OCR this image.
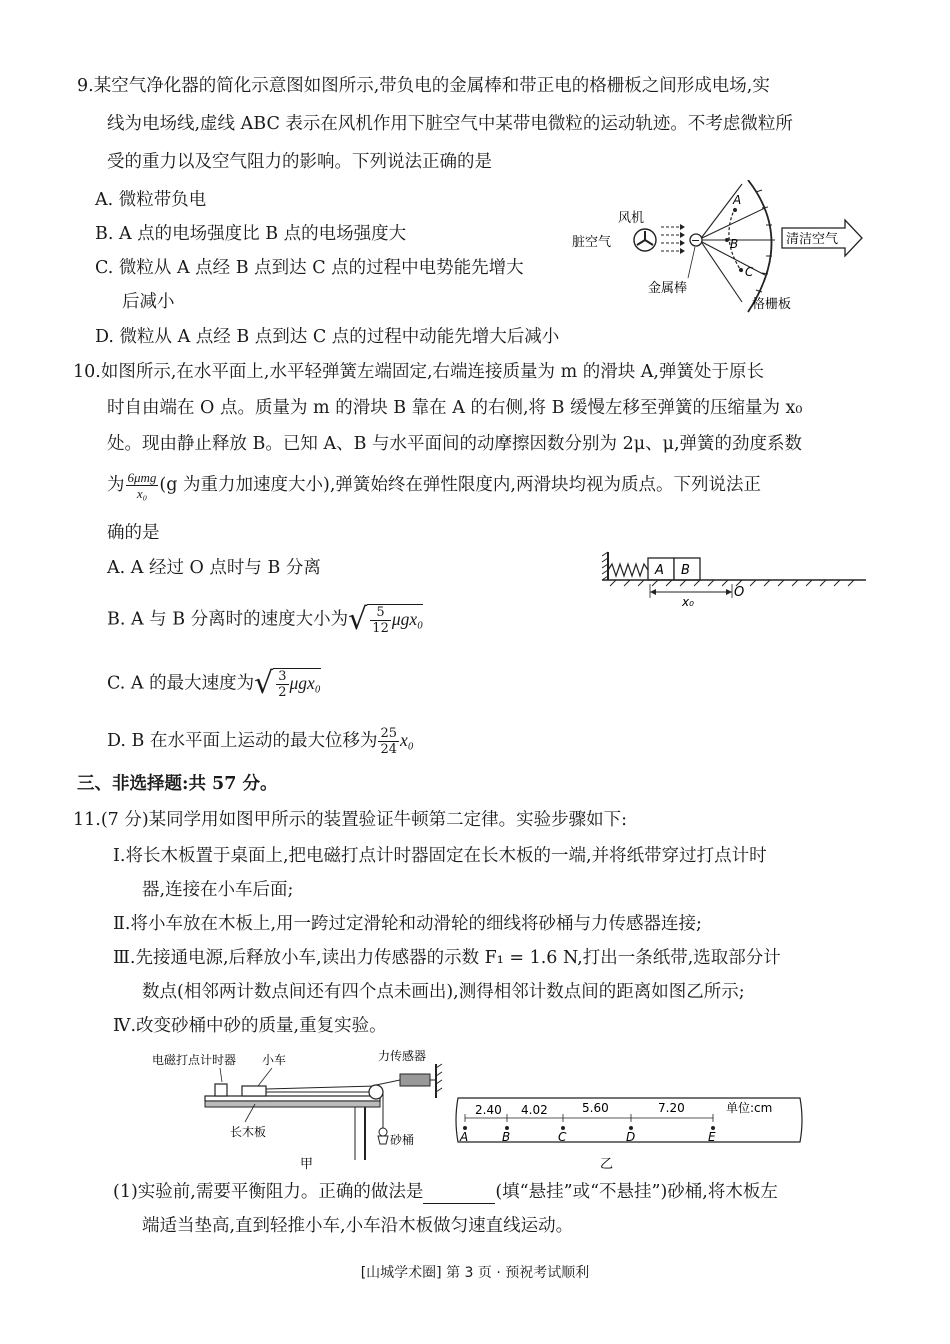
9.某空气净化器的简化示意图如图所示,带负电的金属棒和带正电的格栅板之间形成电场,实
线为电场线,虚线 ABC 表示在风机作用下脏空气中某带电微粒的运动轨迹。不考虑微粒所
受的重力以及空气阻力的影响。下列说法正确的是
A. 微粒带负电
B. A 点的电场强度比 B 点的电场强度大
C. 微粒从 A 点经 B 点到达 C 点的过程中电势能先增大
后减小
D. 微粒从 A 点经 B 点到达 C 点的过程中动能先增大后减小
风机
脏空气	−
金属棒
格栅板
A
B
C
清洁空气
10.如图所示,在水平面上,水平轻弹簧左端固定,右端连接质量为 m 的滑块 A,弹簧处于原长
时自由端在 O 点。质量为 m 的滑块 B 靠在 A 的右侧,将 B 缓慢左移至弹簧的压缩量为 x₀
处。现由静止释放 B。已知 A、B 与水平面间的动摩擦因数分别为 2μ、μ,弹簧的劲度系数
为 $\frac{\text{6μmg}}{\text{x₀}} (g$ 为重力加速度大小),弹簧始终在弹性限度内,两滑块均视为质点。下列说法正
确的是
A. A 经过 O 点时与 B 分离
B. A 与 B 分离时的速度大小为√ $\frac{5}{12} \mu gx_0$
C. A 的最大速度为√ $\frac{3}{2} \mu gx_0$
D. B 在水平面上运动的最大位移为 $\frac{25}{24} x_0$
A B
x₀
O
三、非选择题:共 57 分。
11.(7 分)某同学用如图甲所示的装置验证牛顿第二定律。实验步骤如下:
Ⅰ.将长木板置于桌面上,把电磁打点计时器固定在长木板的一端,并将纸带穿过打点计时
器,连接在小车后面;
Ⅱ.将小车放在木板上,用一跨过定滑轮和动滑轮的细线将砂桶与力传感器连接;
Ⅲ.先接通电源,后释放小车,读出力传感器的示数 F₁ = 1.6 N,打出一条纸带,选取部分计
数点(相邻两计数点间还有四个点未画出),测得相邻计数点间的距离如图乙所示;
Ⅳ.改变砂桶中砂的质量,重复实验。
电磁打点计时器 小车	力传感器
砂桶
长木板
甲
2.40 4.02	5.60	7.20	单位:cm
A	B	C	D	E
乙
(1)实验前,需要平衡阻力。正确的做法是	(填“悬挂”或“不悬挂”)砂桶,将木板左
端适当垫高,直到轻推小车,小车沿木板做匀速直线运动。
[山城学术圈] 第 3 页 · 预祝考试顺利
